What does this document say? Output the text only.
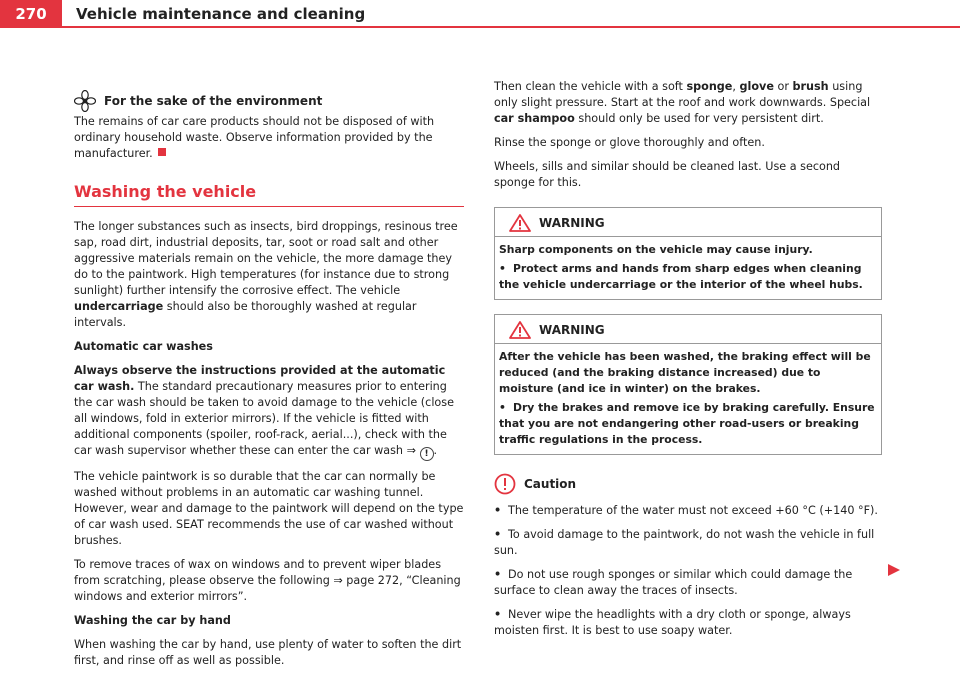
270	Vehicle maintenance and cleaning
For the sake of the environment

The remains of car care products should not be disposed of with ordinary household waste. Observe information provided by the manufacturer.

Washing the vehicle

The longer substances such as insects, bird droppings, resinous tree sap, road dirt, industrial deposits, tar, soot or road salt and other aggressive materials remain on the vehicle, the more damage they do to the paintwork. High temperatures (for instance due to strong sunlight) further intensify the corrosive effect. The vehicle undercarriage should also be thoroughly washed at regular intervals.

Automatic car washes

Always observe the instructions provided at the automatic car wash. The standard precautionary measures prior to entering the car wash should be taken to avoid damage to the vehicle (close all windows, fold in exterior mirrors). If the vehicle is fitted with additional components (spoiler, roof-rack, aerial...), check with the car wash supervisor whether these can enter the car wash ⇒ ! .

The vehicle paintwork is so durable that the car can normally be washed without problems in an automatic car washing tunnel. However, wear and damage to the paintwork will depend on the type of car wash used. SEAT recommends the use of car washed without brushes.

To remove traces of wax on windows and to prevent wiper blades from scratching, please observe the following ⇒ page 272, “Cleaning windows and exterior mirrors”.

Washing the car by hand

When washing the car by hand, use plenty of water to soften the dirt first, and rinse off as well as possible.

Then clean the vehicle with a soft sponge, glove or brush using only slight pressure. Start at the roof and work downwards. Special car shampoo should only be used for very persistent dirt.

Rinse the sponge or glove thoroughly and often.

Wheels, sills and similar should be cleaned last. Use a second sponge for this.

WARNING

Sharp components on the vehicle may cause injury.

• Protect arms and hands from sharp edges when cleaning the vehicle undercarriage or the interior of the wheel hubs.

WARNING

After the vehicle has been washed, the braking effect will be reduced (and the braking distance increased) due to moisture (and ice in winter) on the brakes.

• Dry the brakes and remove ice by braking carefully. Ensure that you are not endangering other road-users or breaking traffic regulations in the process.

Caution

• The temperature of the water must not exceed +60 °C (+140 °F).

• To avoid damage to the paintwork, do not wash the vehicle in full sun.

• Do not use rough sponges or similar which could damage the surface to clean away the traces of insects.

• Never wipe the headlights with a dry cloth or sponge, always moisten first. It is best to use soapy water.
